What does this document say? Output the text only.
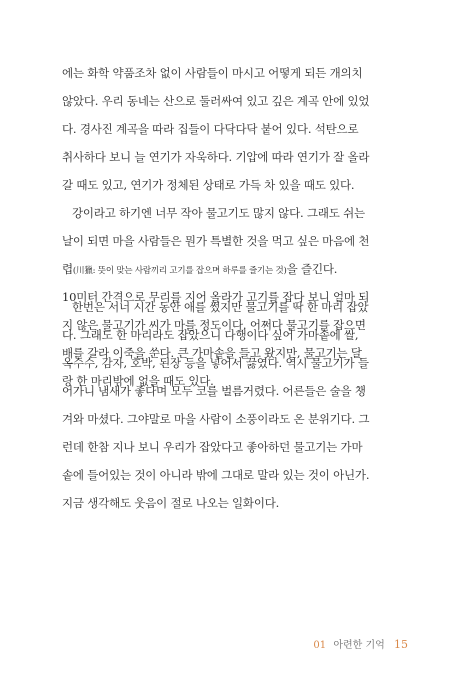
에는 화학 약품조차 없이 사람들이 마시고 어떻게 되든 개의치
않았다. 우리 동네는 산으로 둘러싸여 있고 깊은 계곡 안에 있었
다. 경사진 계곡을 따라 집들이 다닥다닥 붙어 있다. 석탄으로
취사하다 보니 늘 연기가 자욱하다. 기압에 따라 연기가 잘 올라
갈 때도 있고, 연기가 정체된 상태로 가득 차 있을 때도 있다.
강이라고 하기엔 너무 작아 물고기도 많지 않다. 그래도 쉬는
날이 되면 마을 사람들은 뭔가 특별한 것을 먹고 싶은 마음에 천
렵(川獵: 뜻이 맞는 사람끼리 고기를 잡으며 하루를 즐기는 것)을 즐긴다.
10미터 간격으로 무리를 지어 올라가 고기를 잡다 보니 얼마 되
지 않은 물고기가 씨가 마를 정도이다. 어쩌다 물고기를 잡으면
배를 갈라 이죽을 쑨다. 큰 가마솥을 들고 왔지만, 물고기는 달
랑 한 마리밖에 없을 때도 있다.
한번은 서너 시간 동안 애를 썼지만 물고기를 딱 한 마리 잡았
다. 그래도 한 마리라도 잡았으니 다행이다 싶어 가마솥에 쌀,
옥수수, 감자, 호박, 된장 등을 넣어서 끓였다. 역시 물고기가 들
어가니 냄새가 좋다며 모두 코를 벌름거렸다. 어른들은 술을 챙
겨와 마셨다. 그야말로 마을 사람이 소풍이라도 온 분위기다. 그
런데 한참 지나 보니 우리가 잡았다고 좋아하던 물고기는 가마
솥에 들어있는 것이 아니라 밖에 그대로 말라 있는 것이 아닌가.
지금 생각해도 웃음이 절로 나오는 일화이다.
01 아련한 기억 15
